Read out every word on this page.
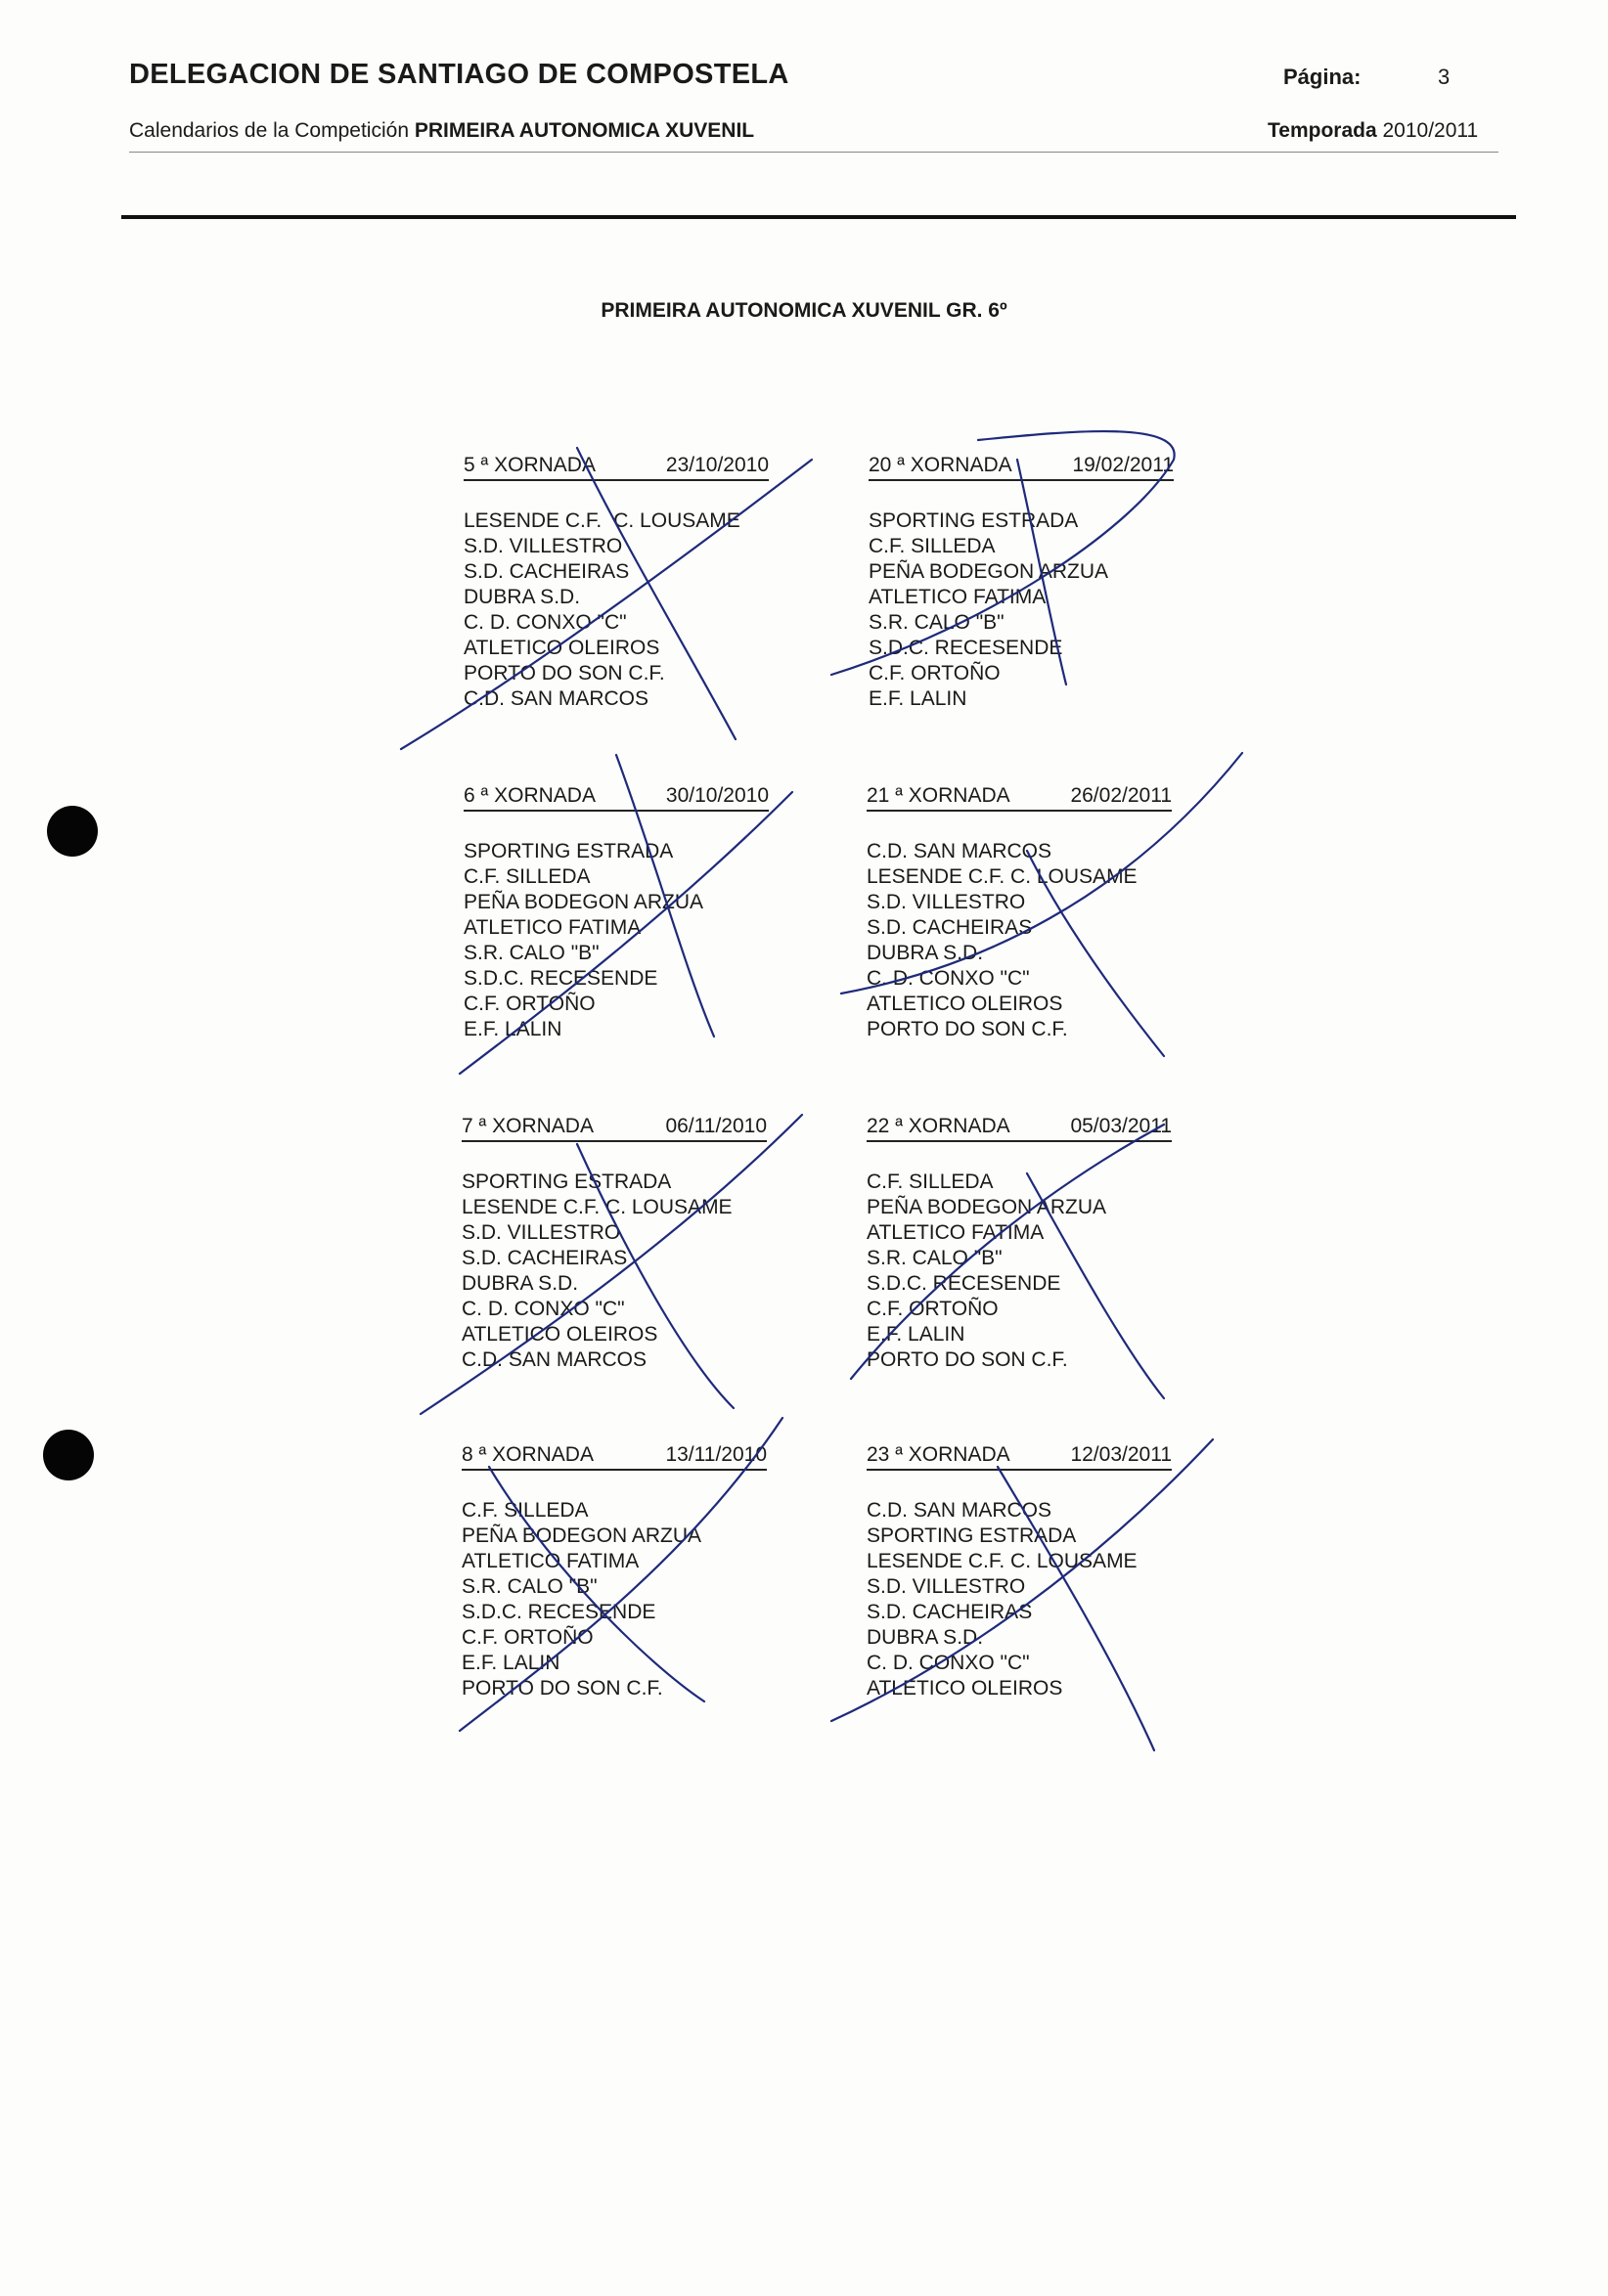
DELEGACION DE SANTIAGO DE COMPOSTELA	Página:	3
Calendarios de la Competición PRIMEIRA AUTONOMICA XUVENIL	Temporada 2010/2011
PRIMEIRA AUTONOMICA XUVENIL GR. 6º
5 ª XORNADA	23/10/2010
LESENDE C.F. C. LOUSAME
S.D. VILLESTRO
S.D. CACHEIRAS
DUBRA S.D.
C. D. CONXO "C"
ATLETICO OLEIROS
PORTO DO SON C.F.
C.D. SAN MARCOS
6 ª XORNADA	30/10/2010
SPORTING ESTRADA
C.F. SILLEDA
PEÑA BODEGON ARZUA
ATLETICO FATIMA
S.R. CALO "B"
S.D.C. RECESENDE
C.F. ORTOÑO
E.F. LALIN
7 ª XORNADA	06/11/2010
SPORTING ESTRADA
LESENDE C.F. C. LOUSAME
S.D. VILLESTRO
S.D. CACHEIRAS
DUBRA S.D.
C. D. CONXO "C"
ATLETICO OLEIROS
C.D. SAN MARCOS
8 ª XORNADA	13/11/2010
C.F. SILLEDA
PEÑA BODEGON ARZUA
ATLETICO FATIMA
S.R. CALO "B"
S.D.C. RECESENDE
C.F. ORTOÑO
E.F. LALIN
PORTO DO SON C.F.
20 ª XORNADA	19/02/2011
SPORTING ESTRADA
C.F. SILLEDA
PEÑA BODEGON ARZUA
ATLETICO FATIMA
S.R. CALO "B"
S.D.C. RECESENDE
C.F. ORTOÑO
E.F. LALIN
21 ª XORNADA	26/02/2011
C.D. SAN MARCOS
LESENDE C.F. C. LOUSAME
S.D. VILLESTRO
S.D. CACHEIRAS
DUBRA S.D.
C. D. CONXO "C"
ATLETICO OLEIROS
PORTO DO SON C.F.
22 ª XORNADA	05/03/2011
C.F. SILLEDA
PEÑA BODEGON ARZUA
ATLETICO FATIMA
S.R. CALO "B"
S.D.C. RECESENDE
C.F. ORTOÑO
E.F. LALIN
PORTO DO SON C.F.
23 ª XORNADA	12/03/2011
C.D. SAN MARCOS
SPORTING ESTRADA
LESENDE C.F. C. LOUSAME
S.D. VILLESTRO
S.D. CACHEIRAS
DUBRA S.D.
C. D. CONXO "C"
ATLETICO OLEIROS
